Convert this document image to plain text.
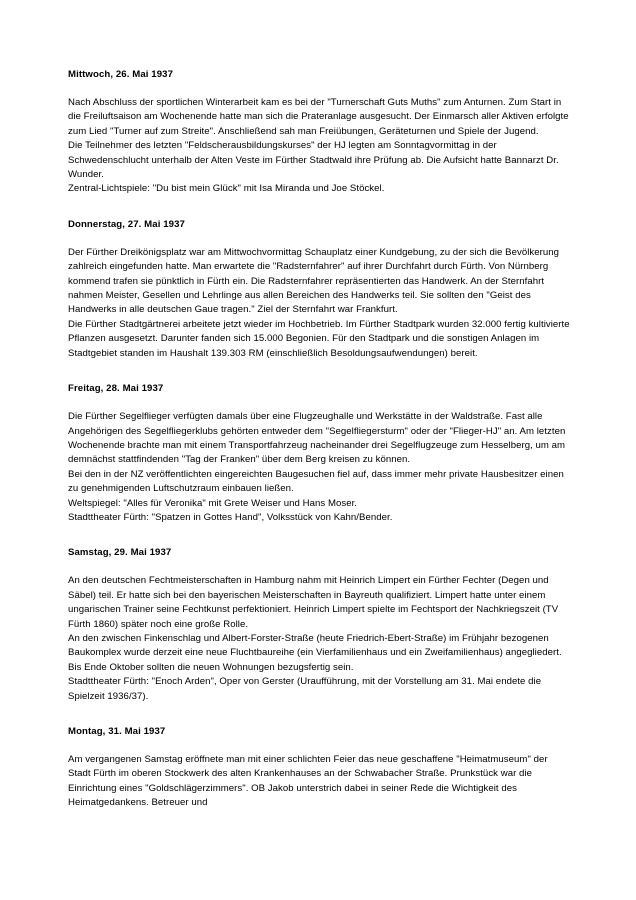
Mittwoch, 26. Mai 1937

Nach Abschluss der sportlichen Winterarbeit kam es bei der "Turnerschaft Guts Muths" zum Anturnen. Zum Start in die Freiluftsaison am Wochenende hatte man sich die Prateranlage ausgesucht. Der Einmarsch aller Aktiven erfolgte zum Lied "Turner auf zum Streite". Anschließend sah man Freiübungen, Geräteturnen und Spiele der Jugend.

Die Teilnehmer des letzten "Feldscherausbildungskurses" der HJ legten am Sonntagvormittag in der Schwedenschlucht unterhalb der Alten Veste im Fürther Stadtwald ihre Prüfung ab. Die Aufsicht hatte Bannarzt Dr. Wunder.

Zentral-Lichtspiele: "Du bist mein Glück" mit Isa Miranda und Joe Stöckel.

Donnerstag, 27. Mai 1937

Der Fürther Dreikönigsplatz war am Mittwochvormittag Schauplatz einer Kundgebung, zu der sich die Bevölkerung zahlreich eingefunden hatte. Man erwartete die "Radsternfahrer" auf ihrer Durchfahrt durch Fürth. Von Nürnberg kommend trafen sie pünktlich in Fürth ein. Die Radsternfahrer repräsentierten das Handwerk. An der Sternfahrt nahmen Meister, Gesellen und Lehrlinge aus allen Bereichen des Handwerks teil. Sie sollten den "Geist des Handwerks in alle deutschen Gaue tragen." Ziel der Sternfahrt war Frankfurt.

Die Fürther Stadtgärtnerei arbeitete jetzt wieder im Hochbetrieb. Im Fürther Stadtpark wurden 32.000 fertig kultivierte Pflanzen ausgesetzt. Darunter fanden sich 15.000 Begonien. Für den Stadtpark und die sonstigen Anlagen im Stadtgebiet standen im Haushalt 139.303 RM (einschließlich Besoldungsaufwendungen) bereit.

Freitag, 28. Mai 1937

Die Fürther Segelflieger verfügten damals über eine Flugzeughalle und Werkstätte in der Waldstraße. Fast alle Angehörigen des Segelfliegerklubs gehörten entweder dem "Segelfliegersturm" oder der "Flieger-HJ" an. Am letzten Wochenende brachte man mit einem Transportfahrzeug nacheinander drei Segelflugzeuge zum Hesselberg, um am demnächst stattfindenden "Tag der Franken" über dem Berg kreisen zu können.

Bei den in der NZ veröffentlichten eingereichten Baugesuchen fiel auf, dass immer mehr private Hausbesitzer einen zu genehmigenden Luftschutzraum einbauen ließen.

Weltspiegel: "Alles für Veronika" mit Grete Weiser und Hans Moser.

Stadttheater Fürth: "Spatzen in Gottes Hand", Volksstück von Kahn/Bender.

Samstag, 29. Mai 1937

An den deutschen Fechtmeisterschaften in Hamburg nahm mit Heinrich Limpert ein Fürther Fechter (Degen und Säbel) teil. Er hatte sich bei den bayerischen Meisterschaften in Bayreuth qualifiziert. Limpert hatte unter einem ungarischen Trainer seine Fechtkunst perfektioniert. Heinrich Limpert spielte im Fechtsport der Nachkriegszeit (TV Fürth 1860) später noch eine große Rolle.

An den zwischen Finkenschlag und Albert-Forster-Straße (heute Friedrich-Ebert-Straße) im Frühjahr bezogenen Baukomplex wurde derzeit eine neue Fluchtbaureihe (ein Vierfamilienhaus und ein Zweifamilienhaus) angegliedert. Bis Ende Oktober sollten die neuen Wohnungen bezugsfertig sein.

Stadttheater Fürth: "Enoch Arden", Oper von Gerster (Uraufführung, mit der Vorstellung am 31. Mai endete die Spielzeit 1936/37).

Montag, 31. Mai 1937

Am vergangenen Samstag eröffnete man mit einer schlichten Feier das neue geschaffene "Heimatmuseum" der Stadt Fürth im oberen Stockwerk des alten Krankenhauses an der Schwabacher Straße. Prunkstück war die Einrichtung eines "Goldschlägerzimmers". OB Jakob unterstrich dabei in seiner Rede die Wichtigkeit des Heimatgedankens. Betreuer und
